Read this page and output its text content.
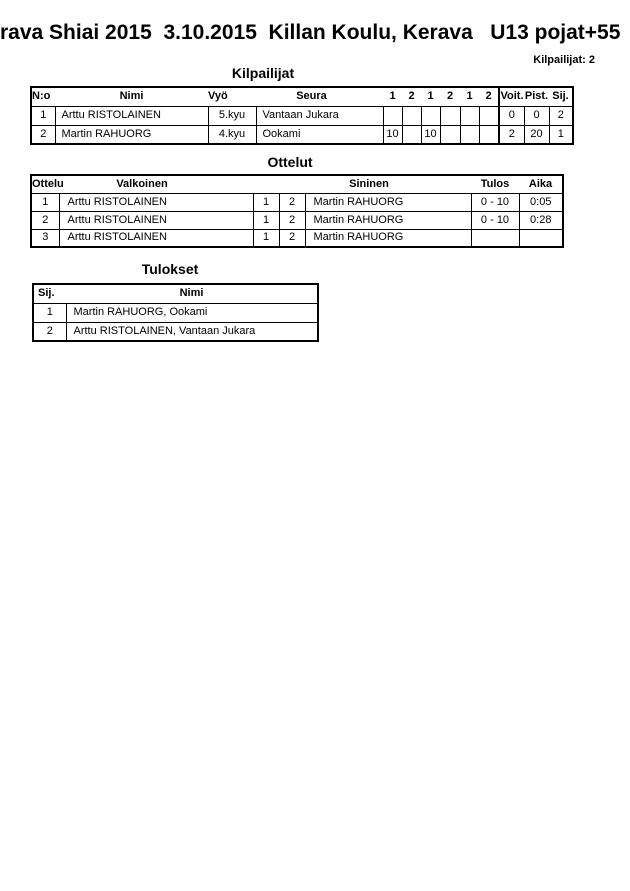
rava Shiai 2015  3.10.2015  Killan Koulu, Kerava   U13 pojat+55
Kilpailijat: 2
Kilpailijat
N:o	Nimi	Vyö	Seura	1	2	1	2	1	2	Voit.	Pist.	Sij.
1	Arttu RISTOLAINEN	5.kyu	Vantaan Jukara							0	0	2
2	Martin RAHUORG	4.kyu	Ookami	10		10				2	20	1
Ottelut
Ottelu	Valkoinen			Sininen	Tulos	Aika
1	Arttu RISTOLAINEN	1	2	Martin RAHUORG	0 - 10	0:05
2	Arttu RISTOLAINEN	1	2	Martin RAHUORG	0 - 10	0:28
3	Arttu RISTOLAINEN	1	2	Martin RAHUORG		
Tulokset
Sij.	Nimi
1	Martin RAHUORG, Ookami
2	Arttu RISTOLAINEN, Vantaan Jukara
